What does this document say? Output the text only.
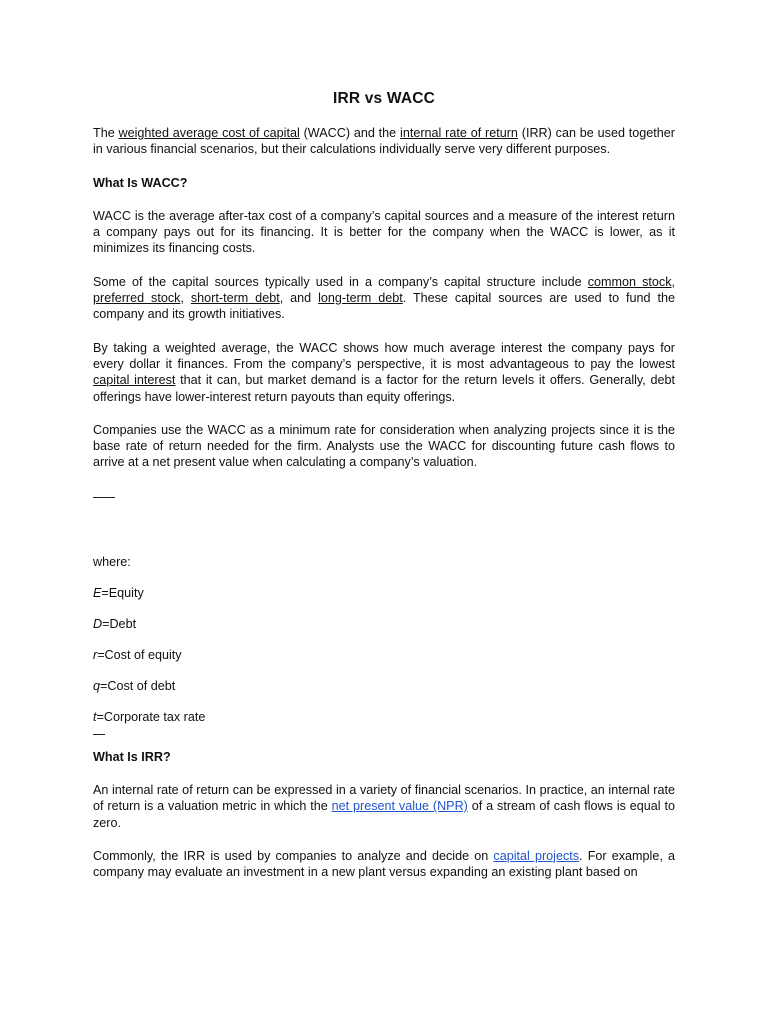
IRR vs WACC

The weighted average cost of capital (WACC) and the internal rate of return (IRR) can be used together in various financial scenarios, but their calculations individually serve very different purposes.

What Is WACC?

WACC is the average after-tax cost of a company’s capital sources and a measure of the interest return a company pays out for its financing. It is better for the company when the WACC is lower, as it minimizes its financing costs.

Some of the capital sources typically used in a company’s capital structure include common stock, preferred stock, short-term debt, and long-term debt. These capital sources are used to fund the company and its growth initiatives.

By taking a weighted average, the WACC shows how much average interest the company pays for every dollar it finances. From the company’s perspective, it is most advantageous to pay the lowest capital interest that it can, but market demand is a factor for the return levels it offers. Generally, debt offerings have lower-interest return payouts than equity offerings.

Companies use the WACC as a minimum rate for consideration when analyzing projects since it is the base rate of return needed for the firm. Analysts use the WACC for discounting future cash flows to arrive at a net present value when calculating a company’s valuation.

where:

E=Equity

D=Debt

r=Cost of equity

q=Cost of debt

t=Corporate tax rate

What Is IRR?

An internal rate of return can be expressed in a variety of financial scenarios. In practice, an internal rate of return is a valuation metric in which the net present value (NPR) of a stream of cash flows is equal to zero.

Commonly, the IRR is used by companies to analyze and decide on capital projects. For example, a company may evaluate an investment in a new plant versus expanding an existing plant based on
